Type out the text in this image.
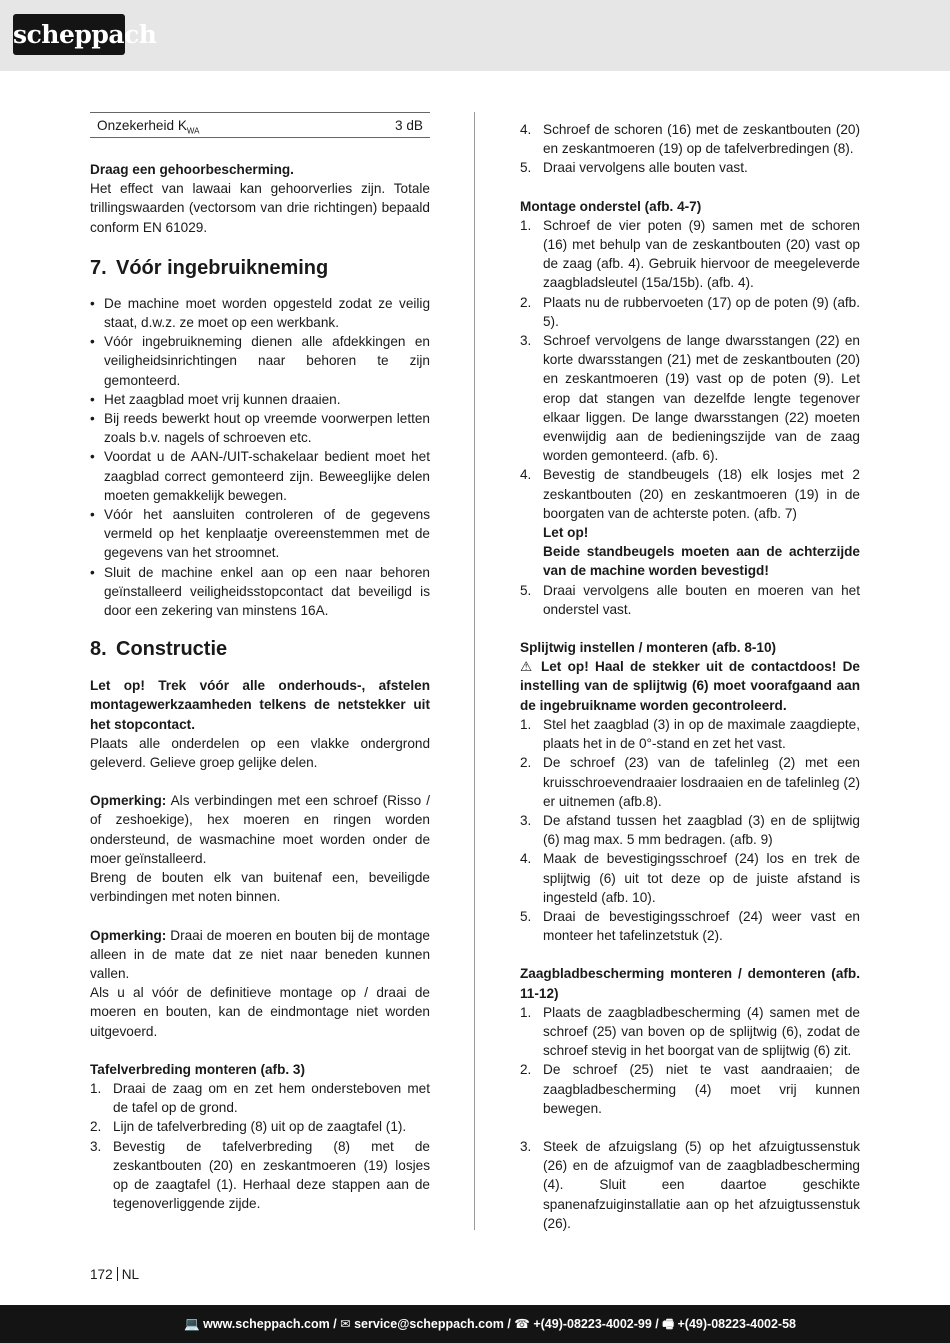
scheppach
Onzekerheid $K_{WA}$	3 dB

Draag een gehoorbescherming.

Het effect van lawaai kan gehoorverlies zijn. Totale trillingswaarden (vectorsom van drie richtingen) bepaald conform EN 61029.

7. Vóór ingebruikneming
• De machine moet worden opgesteld zodat ze veilig staat, d.w.z. ze moet op een werkbank.
• Vóór ingebruikneming dienen alle afdekkingen en veiligheidsinrichtingen naar behoren te zijn gemonteerd.
• Het zaagblad moet vrij kunnen draaien.
• Bij reeds bewerkt hout op vreemde voorwerpen letten zoals b.v. nagels of schroeven etc.
• Voordat u de AAN-/UIT-schakelaar bedient moet het zaagblad correct gemonteerd zijn. Beweeglijke delen moeten gemakkelijk bewegen.
• Vóór het aansluiten controleren of de gegevens vermeld op het kenplaatje overeenstemmen met de gegevens van het stroomnet.
• Sluit de machine enkel aan op een naar behoren geïnstalleerd veiligheidsstopcontact dat beveiligd is door een zekering van minstens 16A.
8. Constructie

Let op! Trek vóór alle onderhouds-, afstelen montagewerkzaamheden telkens de netstekker uit het stopcontact.

Plaats alle onderdelen op een vlakke ondergrond geleverd. Gelieve groep gelijke delen.

Opmerking: Als verbindingen met een schroef (Risso / of zeshoekige), hex moeren en ringen worden ondersteund, de wasmachine moet worden onder de moer geïnstalleerd.

Breng de bouten elk van buitenaf een, beveiligde verbindingen met noten binnen.

Opmerking: Draai de moeren en bouten bij de montage alleen in de mate dat ze niet naar beneden kunnen vallen.

Als u al vóór de definitieve montage op / draai de moeren en bouten, kan de eindmontage niet worden uitgevoerd.

Tafelverbreding monteren (afb. 3)

1. Draai de zaag om en zet hem ondersteboven met de tafel op de grond.
2. Lijn de tafelverbreding (8) uit op de zaagtafel (1).
3. Bevestig de tafelverbreding (8) met de zeskantbouten (20) en zeskantmoeren (19) losjes op de zaagtafel (1). Herhaal deze stappen aan de tegenoverliggende zijde.
4. Schroef de schoren (16) met de zeskantbouten (20) en zeskantmoeren (19) op de tafelverbredingen (8).
5. Draai vervolgens alle bouten vast.

Montage onderstel (afb. 4-7)

1. Schroef de vier poten (9) samen met de schoren (16) met behulp van de zeskantbouten (20) vast op de zaag (afb. 4). Gebruik hiervoor de meegeleverde zaagbladsleutel (15a/15b). (afb. 4).
2. Plaats nu de rubbervoeten (17) op de poten (9) (afb. 5).
3. Schroef vervolgens de lange dwarsstangen (22) en korte dwarsstangen (21) met de zeskantbouten (20) en zeskantmoeren (19) vast op de poten (9). Let erop dat stangen van dezelfde lengte tegenover elkaar liggen. De lange dwarsstangen (22) moeten evenwijdig aan de bedieningszijde van de zaag worden gemonteerd. (afb. 6).
4. Bevestig de standbeugels (18) elk losjes met 2 zeskantbouten (20) en zeskantmoeren (19) in de boorgaten van de achterste poten. (afb. 7)
Let op!
Beide standbeugels moeten aan de achterzijde van de machine worden bevestigd!
5. Draai vervolgens alle bouten en moeren van het onderstel vast.

Splijtwig instellen / monteren (afb. 8-10)

⚠ Let op! Haal de stekker uit de contactdoos! De instelling van de splijtwig (6) moet voorafgaand aan de ingebruikname worden gecontroleerd.

1. Stel het zaagblad (3) in op de maximale zaagdiepte, plaats het in de 0°-stand en zet het vast.
2. De schroef (23) van de tafelinleg (2) met een kruisschroevendraaier losdraaien en de tafelinleg (2) er uitnemen (afb.8).
3. De afstand tussen het zaagblad (3) en de splijtwig (6) mag max. 5 mm bedragen. (afb. 9)
4. Maak de bevestigingsschroef (24) los en trek de splijtwig (6) uit tot deze op de juiste afstand is ingesteld (afb. 10).
5. Draai de bevestigingsschroef (24) weer vast en monteer het tafelinzetstuk (2).

Zaagbladbescherming monteren / demonteren (afb. 11-12)

1. Plaats de zaagbladbescherming (4) samen met de schroef (25) van boven op de splijtwig (6), zodat de schroef stevig in het boorgat van de splijtwig (6) zit.
2. De schroef (25) niet te vast aandraaien; de zaagbladbescherming (4) moet vrij kunnen bewegen.
3. Steek de afzuigslang (5) op het afzuigtussenstuk (26) en de afzuigmof van de zaagbladbescherming (4). Sluit een daartoe geschikte spanenafzuiginstallatie aan op het afzuigtussenstuk (26).
172 NL
💻 www.scheppach.com / ✉ service@scheppach.com / ☎ +(49)-08223-4002-99 / 🖷 +(49)-08223-4002-58
